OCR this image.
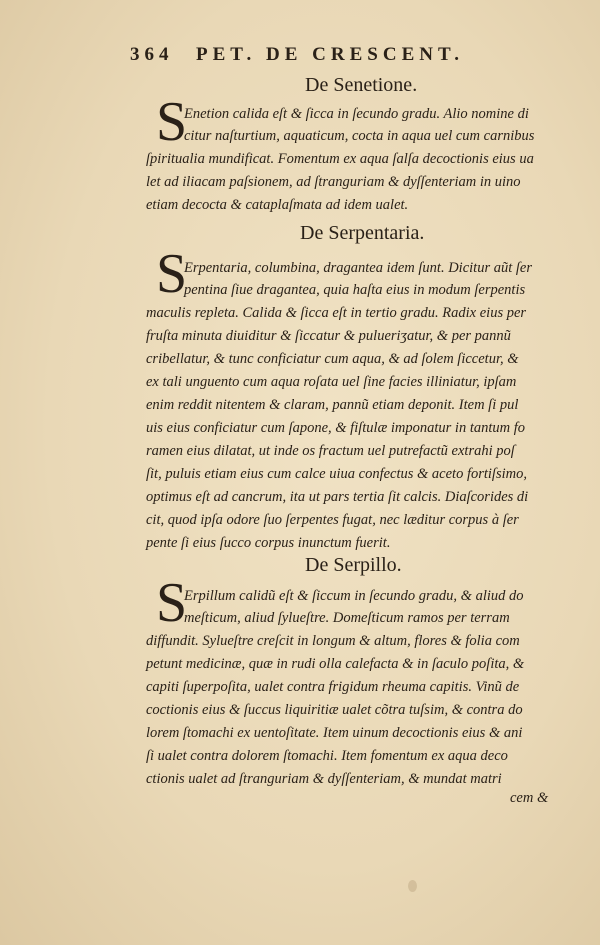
364 PET. DE CRESCENT.
De Senetione.
S
Enetion calida eſt & ſicca in ſecundo gradu. Alio nomine di
citur naſturtium, aquaticum, cocta in aqua uel cum carnibus
ſpiritualia mundificat. Fomentum ex aqua ſalſa decoctionis eius ua
let ad iliacam paſsionem, ad ſtranguriam & dyſſenteriam in uino
etiam decocta & cataplaſmata ad idem ualet.
De Serpentaria.
S
Erpentaria, columbina, dragantea idem ſunt. Dicitur aũt ſer
pentina ſiue dragantea, quia haſta eius in modum ſerpentis
maculis repleta. Calida & ſicca eſt in tertio gradu. Radix eius per
fruſta minuta diuiditur & ſiccatur & pulueriʒatur, & per pannũ
cribellatur, & tunc conficiatur cum aqua, & ad ſolem ſiccetur, &
ex tali unguento cum aqua roſata uel ſine facies illiniatur, ipſam
enim reddit nitentem & claram, pannũ etiam deponit. Item ſi pul
uis eius conficiatur cum ſapone, & fiſtulæ imponatur in tantum fo
ramen eius dilatat, ut inde os fractum uel putrefactũ extrahi poſ
ſit, puluis etiam eius cum calce uiua confectus & aceto fortiſsimo,
optimus eſt ad cancrum, ita ut pars tertia ſit calcis. Diaſcorides di
cit, quod ipſa odore ſuo ſerpentes fugat, nec læditur corpus à ſer
pente ſi eius ſucco corpus inunctum fuerit.
De Serpillo.
S
Erpillum calidũ eſt & ſiccum in ſecundo gradu, & aliud do
meſticum, aliud ſylueſtre. Domeſticum ramos per terram
diffundit. Sylueſtre creſcit in longum & altum, flores & folia com
petunt medicinæ, quæ in rudi olla calefacta & in ſaculo poſita, &
capiti ſuperpoſita, ualet contra frigidum rheuma capitis. Vinũ de
coctionis eius & ſuccus liquiritiæ ualet cõtra tuſsim, & contra do
lorem ſtomachi ex uentoſitate. Item uinum decoctionis eius & ani
ſi ualet contra dolorem ſtomachi. Item fomentum ex aqua deco
ctionis ualet ad ſtranguriam & dyſſenteriam, & mundat matri
cem &
